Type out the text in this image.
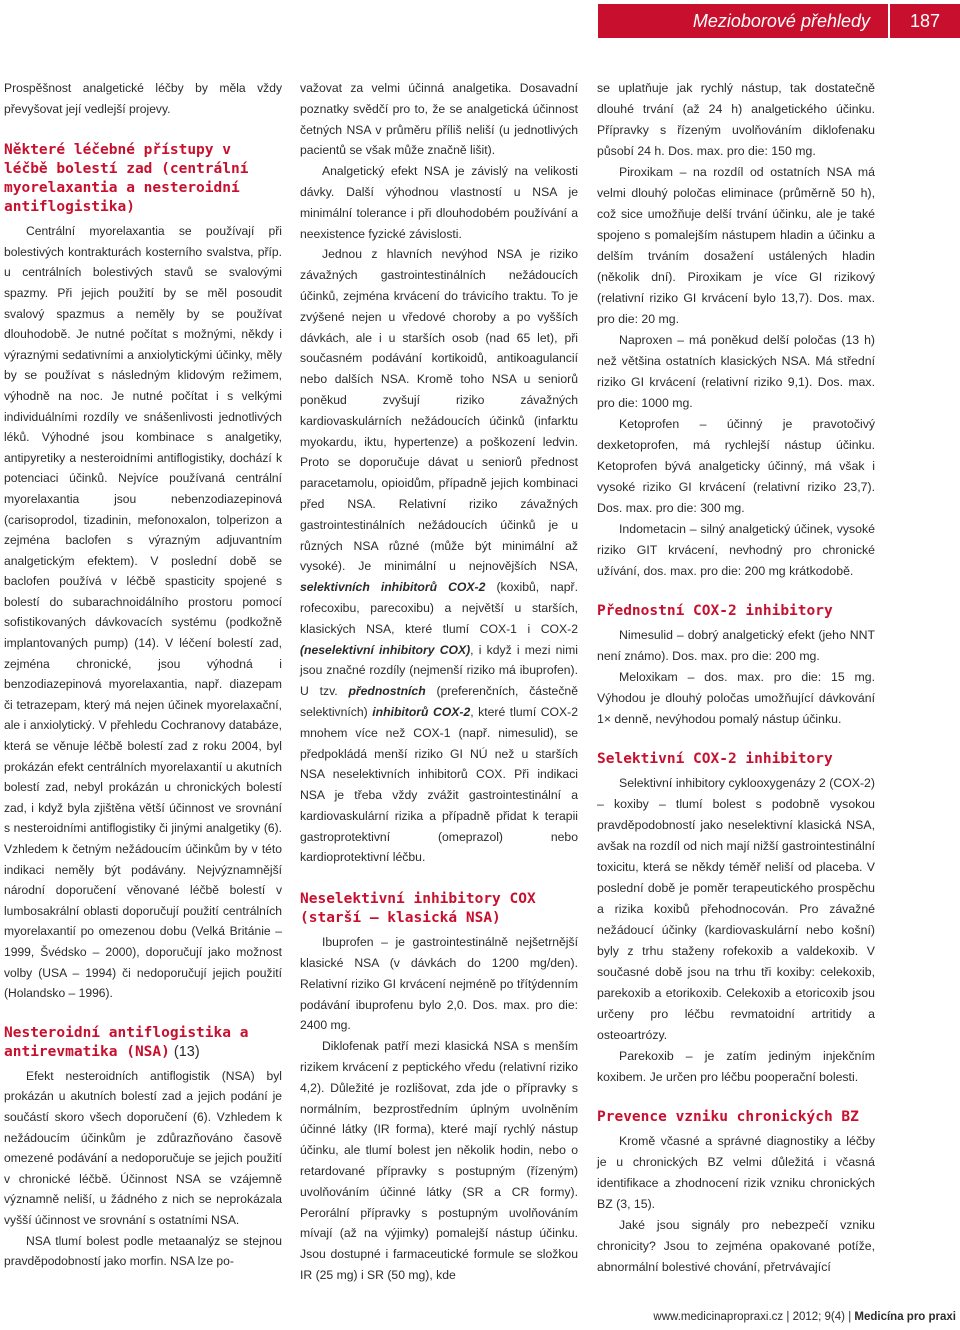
Mezioborové přehledy	187

Prospěšnost analgetické léčby by měla vždy převyšovat její vedlejší projevy.

Některé léčebné přístupy v léčbě bolestí zad (centrální myorelaxantia a nesteroidní antiflogistika)

Centrální myorelaxantia se používají při bolestivých kontrakturách kosterního svalstva, příp. u centrálních bolestivých stavů se svalovými spazmy. Při jejich použití by se měl posoudit svalový spazmus a neměly by se používat dlouhodobě. Je nutné počítat s možnými, někdy i výraznými sedativními a anxiolytickými účinky, měly by se používat s následným klidovým režimem, výhodně na noc. Je nutné počítat i s velkými individuálními rozdíly ve snášenlivosti jednotlivých léků. Výhodné jsou kombinace s analgetiky, antipyretiky a nesteroidními antiflogistiky, dochází k potenciaci účinků. Nejvíce používaná centrální myorelaxantia jsou nebenzodiazepinová (carisoprodol, tizadinin, mefonoxalon, tolperizon a zejména baclofen s výrazným adjuvantním analgetickým efektem). V poslední době se baclofen používá v léčbě spasticity spojené s bolestí do subarachnoidálního prostoru pomocí sofistikovaných dávkovacích systému (podkožně implantovaných pump) (14). V léčení bolestí zad, zejména chronické, jsou výhodná i benzodiazepinová myorelaxantia, např. diazepam či tetrazepam, který má nejen účinek myorelaxační, ale i anxiolytický. V přehledu Cochranovy databáze, která se věnuje léčbě bolestí zad z roku 2004, byl prokázán efekt centrálních myorelaxantií u akutních bolestí zad, nebyl prokázán u chronických bolestí zad, i když byla zjištěna větší účinnost ve srovnání s nesteroidními antiflogistiky či jinými analgetiky (6). Vzhledem k četným nežádoucím účinkům by v této indikaci neměly být podávány. Nejvýznamnější národní doporučení věnované léčbě bolestí v lumbosakrální oblasti doporučují použití centrálních myorelaxantií po omezenou dobu (Velká Británie – 1999, Švédsko – 2000), doporučují jako možnost volby (USA – 1994) či nedoporučují jejich použití (Holandsko – 1996).

Nesteroidní antiflogistika a antirevmatika (NSA) (13)

Efekt nesteroidních antiflogistik (NSA) byl prokázán u akutních bolestí zad a jejich podání je součástí skoro všech doporučení (6). Vzhledem k nežádoucím účinkům je zdůrazňováno časově omezené podávání a nedoporučuje se jejich použití v chronické léčbě. Účinnost NSA se vzájemně významně neliší, u žádného z nich se neprokázala vyšší účinnost ve srovnání s ostatními NSA.

NSA tlumí bolest podle metaanalýz se stejnou pravděpodobností jako morfin. NSA lze po-

važovat za velmi účinná analgetika. Dosavadní poznatky svědčí pro to, že se analgetická účinnost četných NSA v průměru příliš neliší (u jednotlivých pacientů se však může značně lišit).

Analgetický efekt NSA je závislý na velikosti dávky. Další výhodnou vlastností u NSA je minimální tolerance i při dlouhodobém používání a neexistence fyzické závislosti.

Jednou z hlavních nevýhod NSA je riziko závažných gastrointestinálních nežádoucích účinků, zejména krvácení do trávicího traktu. To je zvýšené nejen u vředové choroby a po vyšších dávkách, ale i u starších osob (nad 65 let), při současném podávání kortikoidů, antikoagulancií nebo dalších NSA. Kromě toho NSA u seniorů poněkud zvyšují riziko závažných kardiovaskulárních nežádoucích účinků (infarktu myokardu, iktu, hypertenze) a poškození ledvin. Proto se doporučuje dávat u seniorů přednost paracetamolu, opioidům, případně jejich kombinaci před NSA. Relativní riziko závažných gastrointestinálních nežádoucích účinků je u různých NSA různé (může být minimální až vysoké). Je minimální u nejnovějších NSA, selektivních inhibitorů COX-2 (koxibů, např. rofecoxibu, parecoxibu) a největší u starších, klasických NSA, které tlumí COX-1 i COX-2 (neselektivní inhibitory COX), i když i mezi nimi jsou značné rozdíly (nejmenší riziko má ibuprofen). U tzv. přednostních (preferenčních, částečně selektivních) inhibitorů COX-2, které tlumí COX-2 mnohem více než COX-1 (např. nimesulid), se předpokládá menší riziko GI NÚ než u starších NSA neselektivních inhibitorů COX. Při indikaci NSA je třeba vždy zvážit gastrointestinální a kardiovaskulární rizika a případně přidat k terapii gastroprotektivní (omeprazol) nebo kardioprotektivní léčbu.

Neselektivní inhibitory COX (starší – klasická NSA)

Ibuprofen – je gastrointestinálně nejšetrnější klasické NSA (v dávkách do 1200 mg/den). Relativní riziko GI krvácení nejméně po třítýdenním podávání ibuprofenu bylo 2,0. Dos. max. pro die: 2400 mg.

Diklofenak patří mezi klasická NSA s menším rizikem krvácení z peptického vředu (relativní riziko 4,2). Důležité je rozlišovat, zda jde o přípravky s normálním, bezprostředním úplným uvolněním účinné látky (IR forma), které mají rychlý nástup účinku, ale tlumí bolest jen několik hodin, nebo o retardované přípravky s postupným (řízeným) uvolňováním účinné látky (SR a CR formy). Perorální přípravky s postupným uvolňováním mívají (až na výjimky) pomalejší nástup účinku. Jsou dostupné i farmaceutické formule se složkou IR (25 mg) i SR (50 mg), kde

se uplatňuje jak rychlý nástup, tak dostatečně dlouhé trvání (až 24 h) analgetického účinku. Přípravky s řízeným uvolňováním diklofenaku působí 24 h. Dos. max. pro die: 150 mg.

Piroxikam – na rozdíl od ostatních NSA má velmi dlouhý poločas eliminace (průměrně 50 h), což sice umožňuje delší trvání účinku, ale je také spojeno s pomalejším nástupem hladin a účinku a delším trváním dosažení ustálených hladin (několik dní). Piroxikam je více GI rizikový (relativní riziko GI krvácení bylo 13,7). Dos. max. pro die: 20 mg.

Naproxen – má poněkud delší poločas (13 h) než většina ostatních klasických NSA. Má střední riziko GI krvácení (relativní riziko 9,1). Dos. max. pro die: 1000 mg.

Ketoprofen – účinný je pravotočivý dexketoprofen, má rychlejší nástup účinku. Ketoprofen bývá analgeticky účinný, má však i vysoké riziko GI krvácení (relativní riziko 23,7). Dos. max. pro die: 300 mg.

Indometacin – silný analgetický účinek, vysoké riziko GIT krvácení, nevhodný pro chronické užívání, dos. max. pro die: 200 mg krátkodobě.

Přednostní COX-2 inhibitory

Nimesulid – dobrý analgetický efekt (jeho NNT není známo). Dos. max. pro die: 200 mg.

Meloxikam – dos. max. pro die: 15 mg. Výhodou je dlouhý poločas umožňující dávkování 1× denně, nevýhodou pomalý nástup účinku.

Selektivní COX-2 inhibitory

Selektivní inhibitory cyklooxygenázy 2 (COX-2) – koxiby – tlumí bolest s podobně vysokou pravděpodobností jako neselektivní klasická NSA, avšak na rozdíl od nich mají nižší gastrointestinální toxicitu, která se někdy téměř neliší od placeba. V poslední době je poměr terapeutického prospěchu a rizika koxibů přehodnocován. Pro závažné nežádoucí účinky (kardiovaskulární nebo košní) byly z trhu staženy rofekoxib a valdekoxib. V současné době jsou na trhu tři koxiby: celekoxib, parekoxib a etorikoxib. Celekoxib a etoricoxib jsou určeny pro léčbu revmatoidní artritidy a osteoartrózy.

Parekoxib – je zatím jediným injekčním koxibem. Je určen pro léčbu pooperační bolesti.

Prevence vzniku chronických BZ

Kromě včasné a správné diagnostiky a léčby je u chronických BZ velmi důležitá i včasná identifikace a zhodnocení rizik vzniku chronických BZ (3, 15).

Jaké jsou signály pro nebezpečí vzniku chronicity? Jsou to zejména opakované potíže, abnormální bolestivé chování, přetrvávající

www.medicinapropraxi.cz | 2012; 9(4) | Medicína pro praxi
